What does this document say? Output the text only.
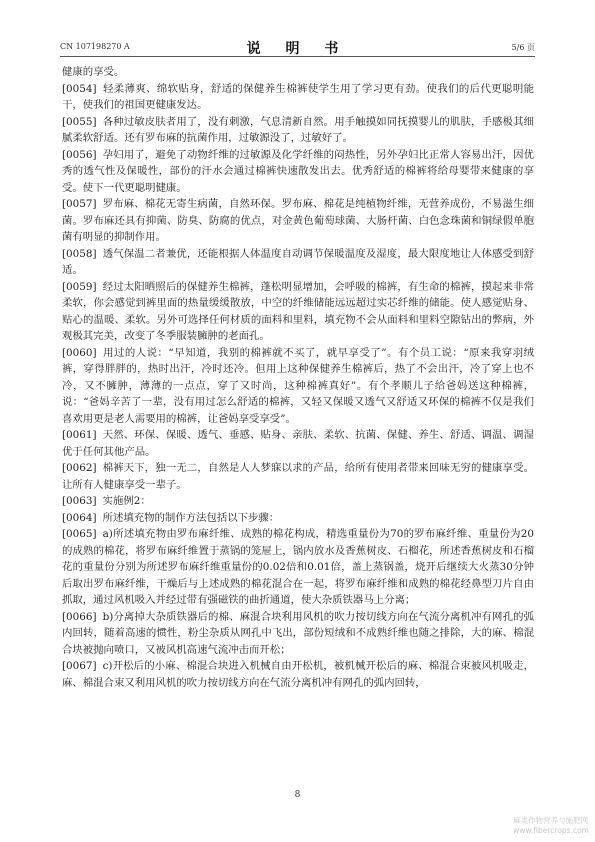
CN 107198270 A	说 明 书	5/6 页

健康的享受。

[0054] 轻柔薄爽、绵软贴身，舒适的保健养生棉裤使学生用了学习更有劲。使我们的后代更聪明能干，使我们的祖国更健康发达。

[0055] 各种过敏皮肤者用了，没有刺激，气息清新自然。用手触摸如同抚摸婴儿的肌肤，手感极其细腻柔软舒适。还有罗布麻的抗菌作用，过敏源没了，过敏好了。

[0056] 孕妇用了，避免了动物纤维的过敏源及化学纤维的闷热性，另外孕妇比正常人容易出汗，因优秀的透气性及保暖性，部份的汗水会通过棉裤快速散发出去。优秀舒适的棉裤将给母婴带来健康的享受。使下一代更聪明健康。

[0057] 罗布麻、棉花无寄生病菌，自然环保。罗布麻、棉花是纯植物纤维，无营养成份，不易滋生细菌。罗布麻还具有抑菌、防臭、防腐的优点，对金黄色葡萄球菌、大肠杆菌、白色念珠菌和铜绿假单胞菌有明显的抑制作用。

[0058] 透气保温二者兼优，还能根据人体温度自动调节保暖温度及湿度，最大限度地让人体感受到舒适。

[0059] 经过太阳晒照后的保健养生棉裤，蓬松明显增加，会呼吸的棉裤，有生命的棉裤，摸起来非常柔软，你会感觉到裤里面的热量缓缓散放，中空的纤维储能远远超过实芯纤维的储能。使人感觉贴身、贴心的温暖、柔软。另外可选择任何材质的面料和里料，填充物不会从面料和里料空隙钻出的弊病，外观极其完美，改变了冬季服装臃肿的老面孔。

[0060] 用过的人说：“早知道，我别的棉裤就不买了，就早享受了”。有个员工说：“原来我穿羽绒裤，穿得胖胖的，热时出汗，冷时还冷。但用上这种保健养生棉裤后，热了不会出汗，冷了穿上也不冷，又不臃肿，薄薄的一点点，穿了又时尚，这种棉裤真好”。有个孝顺儿子给爸妈送这种棉裤，说：“爸妈辛苦了一辈，没有用过怎么舒适的棉裤，又轻又保暖又透气又舒适又环保的棉裤不仅是我们喜欢用更是老人需要用的棉裤，让爸妈享受享受”。

[0061] 天然、环保、保暖、透气、垂感、贴身、亲肤、柔软、抗菌、保健、养生、舒适、调温、调湿优于任何其他产品。

[0062] 棉裤天下，独一无二，自然是人人梦寐以求的产品，给所有使用者带来回味无穷的健康享受。让所有人健康享受一辈子。

[0063] 实施例2：

[0064] 所述填充物的制作方法包括以下步骤：

[0065] a)所述填充物由罗布麻纤维、成熟的棉花构成，精选重量份为70的罗布麻纤维、重量份为20的成熟的棉花，将罗布麻纤维置于蒸锅的笼屉上，锅内放水及香蕉树皮、石榴花，所述香蕉树皮和石榴花的重量份分别为所述罗布麻纤维重量份的0.02倍和0.01倍，盖上蒸锅盖，烧开后继续大火蒸30分钟后取出罗布麻纤维，干燥后与上述成熟的棉花混合在一起，将罗布麻纤维和成熟的棉花经鼻型刀片自由抓取，通过风机吸入并经过带有强磁铁的曲折通道，使大杂质铁器马上分离；

[0066] b)分离掉大杂质铁器后的棉、麻混合块利用风机的吹力按切线方向在气流分离机冲有网孔的弧内回转，随着高速的惯性，粉尘杂质从网孔中飞出，部份短绒和不成熟纤维也随之排除，大的麻、棉混合块被抛向喷口，又被风机高速气流冲击而开松；

[0067] c)开松后的小麻、棉混合块进入机械自由开松机，被机械开松后的麻、棉混合束被风机吸走，麻、棉混合束又利用风机的吹力按切线方向在气流分离机冲有网孔的弧内回转，

8
麻类作物营养与施肥网
www.fibercrops.com
